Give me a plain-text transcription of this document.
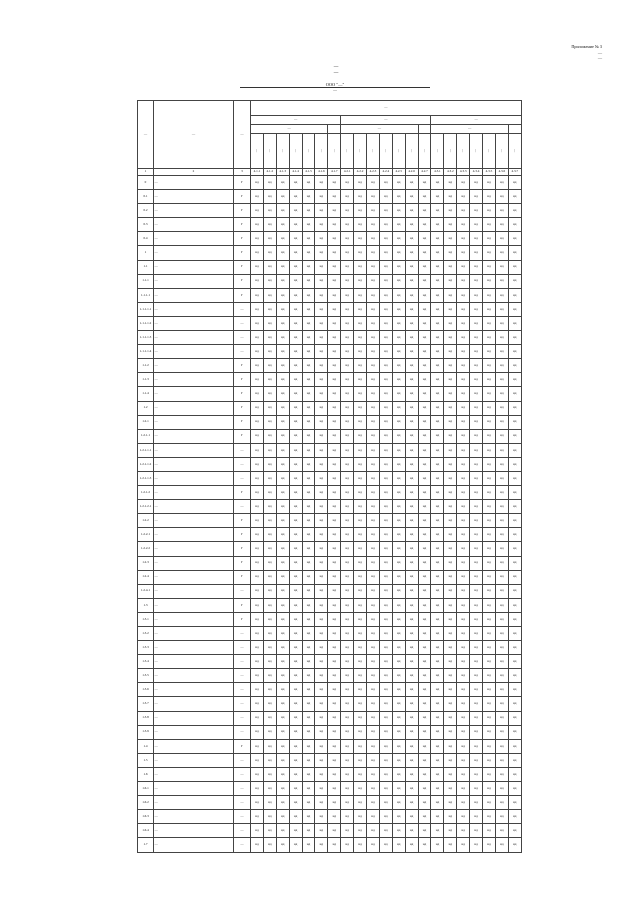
Приложение № 3
—
—
—
—
ООО "—"
—
—	—	—	—																				
			—							—							—						
			—							—							—						
			—	—	—	—	—	—	—	—	—	—	—	—	—	—	—	—	—	—	—	—	—
1	2	3	4.1.1	4.1.2	4.1.3	4.1.4	4.1.5	4.1.6	4.1.7	4.2.1	4.2.2	4.2.3	4.2.4	4.2.5	4.2.6	4.2.7	4.3.1	4.3.2	4.3.3	4.3.4	4.3.5	4.3.6	4.3.7
0	—	Г	нд	нд	нд	нд	нд	нд	нд	нд	нд	нд	нд	нд	нд	нд	нд	нд	нд	нд	нд	нд	нд
0.1	—	Г	нд	нд	нд	нд	нд	нд	нд	нд	нд	нд	нд	нд	нд	нд	нд	нд	нд	нд	нд	нд	нд
0.2	—	Г	нд	нд	нд	нд	нд	нд	нд	нд	нд	нд	нд	нд	нд	нд	нд	нд	нд	нд	нд	нд	нд
0.3	—	Г	нд	нд	нд	нд	нд	нд	нд	нд	нд	нд	нд	нд	нд	нд	нд	нд	нд	нд	нд	нд	нд
0.4	—	Г	нд	нд	нд	нд	нд	нд	нд	нд	нд	нд	нд	нд	нд	нд	нд	нд	нд	нд	нд	нд	нд
1	—	Г	нд	нд	нд	нд	нд	нд	нд	нд	нд	нд	нд	нд	нд	нд	нд	нд	нд	нд	нд	нд	нд
1.1	—	Г	нд	нд	нд	нд	нд	нд	нд	нд	нд	нд	нд	нд	нд	нд	нд	нд	нд	нд	нд	нд	нд
1.1.1	—	Г	нд	нд	нд	нд	нд	нд	нд	нд	нд	нд	нд	нд	нд	нд	нд	нд	нд	нд	нд	нд	нд
1.1.1.1	—	Г	нд	нд	нд	нд	нд	нд	нд	нд	нд	нд	нд	нд	нд	нд	нд	нд	нд	нд	нд	нд	нд
1.1.1.1.1	—	—	нд	нд	нд	нд	нд	нд	нд	нд	нд	нд	нд	нд	нд	нд	нд	нд	нд	нд	нд	нд	нд
1.1.1.1.2	—	—	нд	нд	нд	нд	нд	нд	нд	нд	нд	нд	нд	нд	нд	нд	нд	нд	нд	нд	нд	нд	нд
1.1.1.1.3	—	—	нд	нд	нд	нд	нд	нд	нд	нд	нд	нд	нд	нд	нд	нд	нд	нд	нд	нд	нд	нд	нд
1.1.1.1.4	—	—	нд	нд	нд	нд	нд	нд	нд	нд	нд	нд	нд	нд	нд	нд	нд	нд	нд	нд	нд	нд	нд
1.1.2	—	Г	нд	нд	нд	нд	нд	нд	нд	нд	нд	нд	нд	нд	нд	нд	нд	нд	нд	нд	нд	нд	нд
1.1.3	—	Г	нд	нд	нд	нд	нд	нд	нд	нд	нд	нд	нд	нд	нд	нд	нд	нд	нд	нд	нд	нд	нд
1.1.4	—	Г	нд	нд	нд	нд	нд	нд	нд	нд	нд	нд	нд	нд	нд	нд	нд	нд	нд	нд	нд	нд	нд
1.2	—	Г	нд	нд	нд	нд	нд	нд	нд	нд	нд	нд	нд	нд	нд	нд	нд	нд	нд	нд	нд	нд	нд
1.2.1	—	Г	нд	нд	нд	нд	нд	нд	нд	нд	нд	нд	нд	нд	нд	нд	нд	нд	нд	нд	нд	нд	нд
1.2.1.1	—	Г	нд	нд	нд	нд	нд	нд	нд	нд	нд	нд	нд	нд	нд	нд	нд	нд	нд	нд	нд	нд	нд
1.2.1.1.1	—	—	нд	нд	нд	нд	нд	нд	нд	нд	нд	нд	нд	нд	нд	нд	нд	нд	нд	нд	нд	нд	нд
1.2.1.1.2	—	—	нд	нд	нд	нд	нд	нд	нд	нд	нд	нд	нд	нд	нд	нд	нд	нд	нд	нд	нд	нд	нд
1.2.1.1.3	—	—	нд	нд	нд	нд	нд	нд	нд	нд	нд	нд	нд	нд	нд	нд	нд	нд	нд	нд	нд	нд	нд
1.2.1.2	—	Г	нд	нд	нд	нд	нд	нд	нд	нд	нд	нд	нд	нд	нд	нд	нд	нд	нд	нд	нд	нд	нд
1.2.1.2.1	—	—	нд	нд	нд	нд	нд	нд	нд	нд	нд	нд	нд	нд	нд	нд	нд	нд	нд	нд	нд	нд	нд
1.2.2	—	Г	нд	нд	нд	нд	нд	нд	нд	нд	нд	нд	нд	нд	нд	нд	нд	нд	нд	нд	нд	нд	нд
1.2.2.1	—	Г	нд	нд	нд	нд	нд	нд	нд	нд	нд	нд	нд	нд	нд	нд	нд	нд	нд	нд	нд	нд	нд
1.2.2.2	—	Г	нд	нд	нд	нд	нд	нд	нд	нд	нд	нд	нд	нд	нд	нд	нд	нд	нд	нд	нд	нд	нд
1.2.3	—	Г	нд	нд	нд	нд	нд	нд	нд	нд	нд	нд	нд	нд	нд	нд	нд	нд	нд	нд	нд	нд	нд
1.2.4	—	Г	нд	нд	нд	нд	нд	нд	нд	нд	нд	нд	нд	нд	нд	нд	нд	нд	нд	нд	нд	нд	нд
1.2.4.1	—	—	нд	нд	нд	нд	нд	нд	нд	нд	нд	нд	нд	нд	нд	нд	нд	нд	нд	нд	нд	нд	нд
1.3	—	Г	нд	нд	нд	нд	нд	нд	нд	нд	нд	нд	нд	нд	нд	нд	нд	нд	нд	нд	нд	нд	нд
1.3.1	—	Г	нд	нд	нд	нд	нд	нд	нд	нд	нд	нд	нд	нд	нд	нд	нд	нд	нд	нд	нд	нд	нд
1.3.2	—	—	нд	нд	нд	нд	нд	нд	нд	нд	нд	нд	нд	нд	нд	нд	нд	нд	нд	нд	нд	нд	нд
1.3.3	—	—	нд	нд	нд	нд	нд	нд	нд	нд	нд	нд	нд	нд	нд	нд	нд	нд	нд	нд	нд	нд	нд
1.3.4	—	—	нд	нд	нд	нд	нд	нд	нд	нд	нд	нд	нд	нд	нд	нд	нд	нд	нд	нд	нд	нд	нд
1.3.5	—	—	нд	нд	нд	нд	нд	нд	нд	нд	нд	нд	нд	нд	нд	нд	нд	нд	нд	нд	нд	нд	нд
1.3.6	—	—	нд	нд	нд	нд	нд	нд	нд	нд	нд	нд	нд	нд	нд	нд	нд	нд	нд	нд	нд	нд	нд
1.3.7	—	—	нд	нд	нд	нд	нд	нд	нд	нд	нд	нд	нд	нд	нд	нд	нд	нд	нд	нд	нд	нд	нд
1.3.8	—	—	нд	нд	нд	нд	нд	нд	нд	нд	нд	нд	нд	нд	нд	нд	нд	нд	нд	нд	нд	нд	нд
1.3.9	—	—	нд	нд	нд	нд	нд	нд	нд	нд	нд	нд	нд	нд	нд	нд	нд	нд	нд	нд	нд	нд	нд
1.4	—	Г	нд	нд	нд	нд	нд	нд	нд	нд	нд	нд	нд	нд	нд	нд	нд	нд	нд	нд	нд	нд	нд
1.5	—	—	нд	нд	нд	нд	нд	нд	нд	нд	нд	нд	нд	нд	нд	нд	нд	нд	нд	нд	нд	нд	нд
1.6	—	—	нд	нд	нд	нд	нд	нд	нд	нд	нд	нд	нд	нд	нд	нд	нд	нд	нд	нд	нд	нд	нд
1.6.1	—	—	нд	нд	нд	нд	нд	нд	нд	нд	нд	нд	нд	нд	нд	нд	нд	нд	нд	нд	нд	нд	нд
1.6.2	—	—	нд	нд	нд	нд	нд	нд	нд	нд	нд	нд	нд	нд	нд	нд	нд	нд	нд	нд	нд	нд	нд
1.6.3	—	—	нд	нд	нд	нд	нд	нд	нд	нд	нд	нд	нд	нд	нд	нд	нд	нд	нд	нд	нд	нд	нд
1.6.4	—	—	нд	нд	нд	нд	нд	нд	нд	нд	нд	нд	нд	нд	нд	нд	нд	нд	нд	нд	нд	нд	нд
1.7	—	—	нд	нд	нд	нд	нд	нд	нд	нд	нд	нд	нд	нд	нд	нд	нд	нд	нд	нд	нд	нд	нд
